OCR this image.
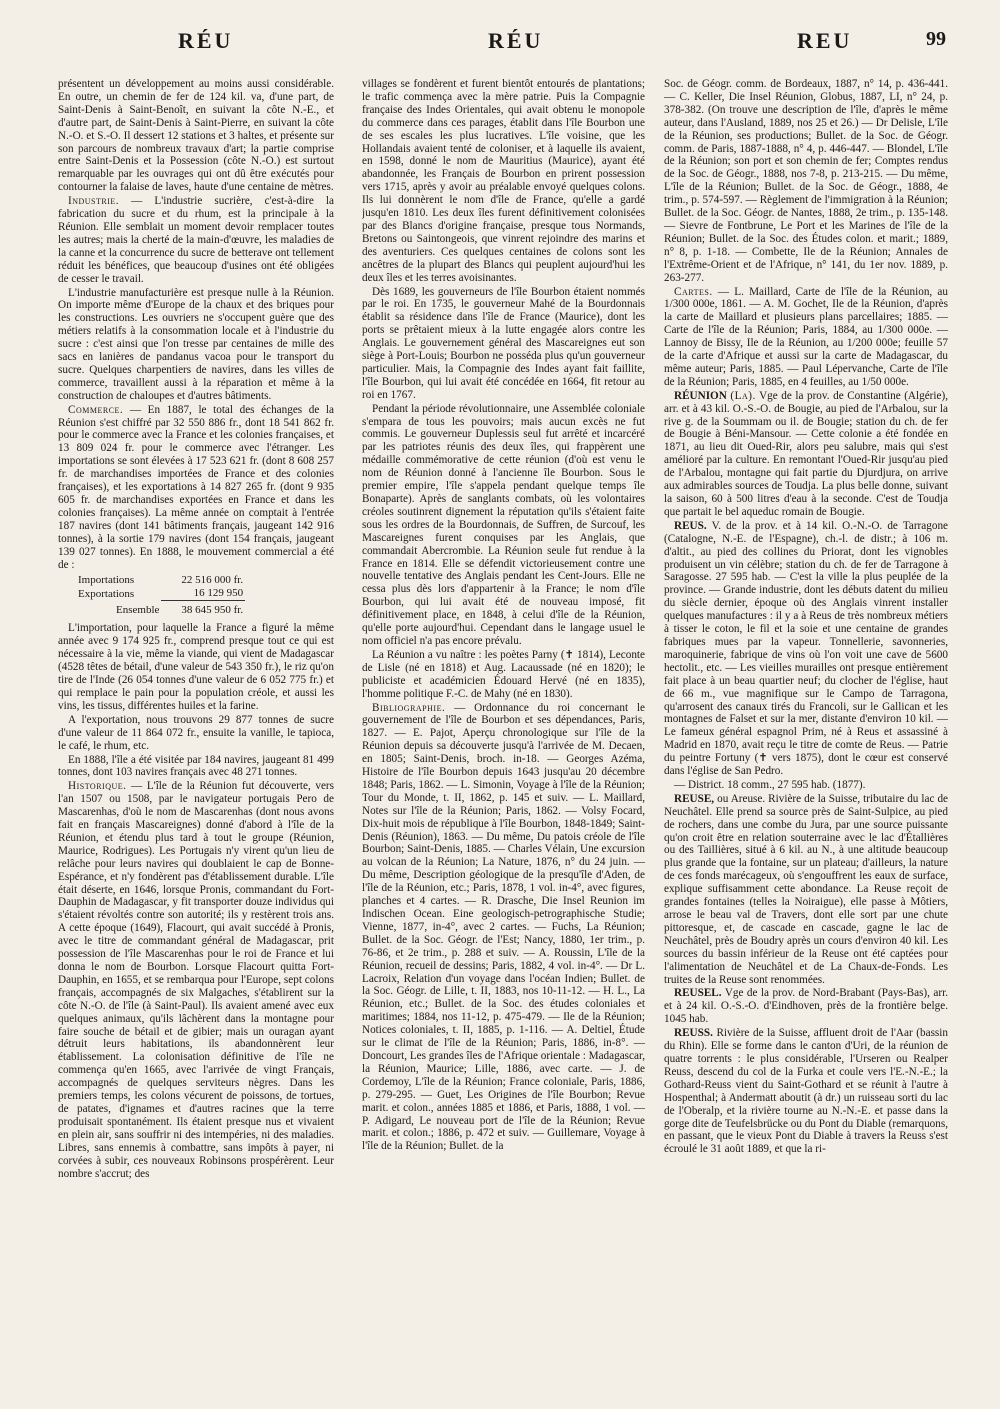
RÉU	RÉU	REU	99

présentent un développement au moins aussi considérable. En outre, un chemin de fer de 124 kil. va, d'une part, de Saint-Denis à Saint-Benoît, en suivant la côte N.-E., et d'autre part, de Saint-Denis à Saint-Pierre, en suivant la côte N.-O. et S.-O. Il dessert 12 stations et 3 haltes, et présente sur son parcours de nombreux travaux d'art; la partie comprise entre Saint-Denis et la Possession (côte N.-O.) est surtout remarquable par les ouvrages qui ont dû être exécutés pour contourner la falaise de laves, haute d'une centaine de mètres.

Industrie. — L'industrie sucrière, c'est-à-dire la fabrication du sucre et du rhum, est la principale à la Réunion. Elle semblait un moment devoir remplacer toutes les autres; mais la cherté de la main-d'œuvre, les maladies de la canne et la concurrence du sucre de betterave ont tellement réduit les bénéfices, que beaucoup d'usines ont été obligées de cesser le travail.

L'industrie manufacturière est presque nulle à la Réunion. On importe même d'Europe de la chaux et des briques pour les constructions. Les ouvriers ne s'occupent guère que des métiers relatifs à la consommation locale et à l'industrie du sucre : c'est ainsi que l'on tresse par centaines de mille des sacs en lanières de pandanus vacoa pour le transport du sucre. Quelques charpentiers de navires, dans les villes de commerce, travaillent aussi à la réparation et même à la construction de chaloupes et d'autres bâtiments.

Commerce. — En 1887, le total des échanges de la Réunion s'est chiffré par 32 550 886 fr., dont 18 541 862 fr. pour le commerce avec la France et les colonies françaises, et 13 809 024 fr. pour le commerce avec l'étranger. Les importations se sont élevées à 17 523 621 fr. (dont 8 608 257 fr. de marchandises importées de France et des colonies françaises), et les exportations à 14 827 265 fr. (dont 9 935 605 fr. de marchandises exportées en France et dans les colonies françaises). La même année on comptait à l'entrée 187 navires (dont 141 bâtiments français, jaugeant 142 916 tonnes), à la sortie 179 navires (dont 154 français, jaugeant 139 027 tonnes). En 1888, le mouvement commercial a été de :

Importations	22 516 000 fr.
Exportations	16 129 950
Ensemble	38 645 950 fr.

L'importation, pour laquelle la France a figuré la même année avec 9 174 925 fr., comprend presque tout ce qui est nécessaire à la vie, même la viande, qui vient de Madagascar (4528 têtes de bétail, d'une valeur de 543 350 fr.), le riz qu'on tire de l'Inde (26 054 tonnes d'une valeur de 6 052 775 fr.) et qui remplace le pain pour la population créole, et aussi les vins, les tissus, différentes huiles et la farine.

A l'exportation, nous trouvons 29 877 tonnes de sucre d'une valeur de 11 864 072 fr., ensuite la vanille, le tapioca, le café, le rhum, etc.

En 1888, l'île a été visitée par 184 navires, jaugeant 81 499 tonnes, dont 103 navires français avec 48 271 tonnes.

Historique. — L'île de la Réunion fut découverte, vers l'an 1507 ou 1508, par le navigateur portugais Pero de Mascarenhas, d'où le nom de Mascarenhas (dont nous avons fait en français Mascareignes) donné d'abord à l'île de la Réunion, et étendu plus tard à tout le groupe (Réunion, Maurice, Rodrigues). Les Portugais n'y virent qu'un lieu de relâche pour leurs navires qui doublaient le cap de Bonne-Espérance, et n'y fondèrent pas d'établissement durable. L'île était déserte, en 1646, lorsque Pronis, commandant du Fort-Dauphin de Madagascar, y fit transporter douze individus qui s'étaient révoltés contre son autorité; ils y restèrent trois ans. A cette époque (1649), Flacourt, qui avait succédé à Pronis, avec le titre de commandant général de Madagascar, prit possession de l'île Mascarenhas pour le roi de France et lui donna le nom de Bourbon. Lorsque Flacourt quitta Fort-Dauphin, en 1655, et se rembarqua pour l'Europe, sept colons français, accompagnés de six Malgaches, s'établirent sur la côte N.-O. de l'île (à Saint-Paul). Ils avaient amené avec eux quelques animaux, qu'ils lâchèrent dans la montagne pour faire souche de bétail et de gibier; mais un ouragan ayant détruit leurs habitations, ils abandonnèrent leur établissement. La colonisation définitive de l'île ne commença qu'en 1665, avec l'arrivée de vingt Français, accompagnés de quelques serviteurs nègres. Dans les premiers temps, les colons vécurent de poissons, de tortues, de patates, d'ignames et d'autres racines que la terre produisait spontanément. Ils étaient presque nus et vivaient en plein air, sans souffrir ni des intempéries, ni des maladies. Libres, sans ennemis à combattre, sans impôts à payer, ni corvées à subir, ces nouveaux Robinsons prospérèrent. Leur nombre s'accrut; des

villages se fondèrent et furent bientôt entourés de plantations; le trafic commença avec la mère patrie. Puis la Compagnie française des Indes Orientales, qui avait obtenu le monopole du commerce dans ces parages, établit dans l'île Bourbon une de ses escales les plus lucratives. L'île voisine, que les Hollandais avaient tenté de coloniser, et à laquelle ils avaient, en 1598, donné le nom de Mauritius (Maurice), ayant été abandonnée, les Français de Bourbon en prirent possession vers 1715, après y avoir au préalable envoyé quelques colons. Ils lui donnèrent le nom d'île de France, qu'elle a gardé jusqu'en 1810. Les deux îles furent définitivement colonisées par des Blancs d'origine française, presque tous Normands, Bretons ou Saintongeois, que vinrent rejoindre des marins et des aventuriers. Ces quelques centaines de colons sont les ancêtres de la plupart des Blancs qui peuplent aujourd'hui les deux îles et les terres avoisinantes.

Dès 1689, les gouverneurs de l'île Bourbon étaient nommés par le roi. En 1735, le gouverneur Mahé de la Bourdonnais établit sa résidence dans l'île de France (Maurice), dont les ports se prêtaient mieux à la lutte engagée alors contre les Anglais. Le gouvernement général des Mascareignes eut son siège à Port-Louis; Bourbon ne posséda plus qu'un gouverneur particulier. Mais, la Compagnie des Indes ayant fait faillite, l'île Bourbon, qui lui avait été concédée en 1664, fit retour au roi en 1767.

Pendant la période révolutionnaire, une Assemblée coloniale s'empara de tous les pouvoirs; mais aucun excès ne fut commis. Le gouverneur Duplessis seul fut arrêté et incarcéré par les patriotes réunis des deux îles, qui frappèrent une médaille commémorative de cette réunion (d'où est venu le nom de Réunion donné à l'ancienne île Bourbon. Sous le premier empire, l'île s'appela pendant quelque temps île Bonaparte). Après de sanglants combats, où les volontaires créoles soutinrent dignement la réputation qu'ils s'étaient faite sous les ordres de la Bourdonnais, de Suffren, de Surcouf, les Mascareignes furent conquises par les Anglais, que commandait Abercrombie. La Réunion seule fut rendue à la France en 1814. Elle se défendit victorieusement contre une nouvelle tentative des Anglais pendant les Cent-Jours. Elle ne cessa plus dès lors d'appartenir à la France; le nom d'île Bourbon, qui lui avait été de nouveau imposé, fit définitivement place, en 1848, à celui d'île de la Réunion, qu'elle porte aujourd'hui. Cependant dans le langage usuel le nom officiel n'a pas encore prévalu.

La Réunion a vu naître : les poètes Parny (✝ 1814), Leconte de Lisle (né en 1818) et Aug. Lacaussade (né en 1820); le publiciste et académicien Édouard Hervé (né en 1835), l'homme politique F.-C. de Mahy (né en 1830).

Bibliographie. — Ordonnance du roi concernant le gouvernement de l'île de Bourbon et ses dépendances, Paris, 1827. — E. Pajot, Aperçu chronologique sur l'île de la Réunion depuis sa découverte jusqu'à l'arrivée de M. Decaen, en 1805; Saint-Denis, broch. in-18. — Georges Azéma, Histoire de l'île Bourbon depuis 1643 jusqu'au 20 décembre 1848; Paris, 1862. — L. Simonin, Voyage à l'île de la Réunion; Tour du Monde, t. II, 1862, p. 145 et suiv. — L. Maillard, Notes sur l'île de la Réunion; Paris, 1862. — Volsy Focard, Dix-huit mois de république à l'île Bourbon, 1848-1849; Saint-Denis (Réunion), 1863. — Du même, Du patois créole de l'île Bourbon; Saint-Denis, 1885. — Charles Vélain, Une excursion au volcan de la Réunion; La Nature, 1876, n° du 24 juin. — Du même, Description géologique de la presqu'île d'Aden, de l'île de la Réunion, etc.; Paris, 1878, 1 vol. in-4°, avec figures, planches et 4 cartes. — R. Drasche, Die Insel Reunion im Indischen Ocean. Eine geologisch-petrographische Studie; Vienne, 1877, in-4°, avec 2 cartes. — Fuchs, La Réunion; Bullet. de la Soc. Géogr. de l'Est; Nancy, 1880, 1er trim., p. 76-86, et 2e trim., p. 288 et suiv. — A. Roussin, L'île de la Réunion, recueil de dessins; Paris, 1882, 4 vol. in-4°. — Dr L. Lacroix, Relation d'un voyage dans l'océan Indien; Bullet. de la Soc. Géogr. de Lille, t. II, 1883, nos 10-11-12. — H. L., La Réunion, etc.; Bullet. de la Soc. des études coloniales et maritimes; 1884, nos 11-12, p. 475-479. — Ile de la Réunion; Notices coloniales, t. II, 1885, p. 1-116. — A. Deltiel, Étude sur le climat de l'île de la Réunion; Paris, 1886, in-8°. — Doncourt, Les grandes îles de l'Afrique orientale : Madagascar, la Réunion, Maurice; Lille, 1886, avec carte. — J. de Cordemoy, L'île de la Réunion; France coloniale, Paris, 1886, p. 279-295. — Guet, Les Origines de l'île Bourbon; Revue marit. et colon., années 1885 et 1886, et Paris, 1888, 1 vol. — P. Adigard, Le nouveau port de l'île de la Réunion; Revue marit. et colon.; 1886, p. 472 et suiv. — Guillemare, Voyage à l'île de la Réunion; Bullet. de la

Soc. de Géogr. comm. de Bordeaux, 1887, n° 14, p. 436-441. — C. Keller, Die Insel Réunion, Globus, 1887, LI, n° 24, p. 378-382. (On trouve une description de l'île, d'après le même auteur, dans l'Ausland, 1889, nos 25 et 26.) — Dr Delisle, L'île de la Réunion, ses productions; Bullet. de la Soc. de Géogr. comm. de Paris, 1887-1888, n° 4, p. 446-447. — Blondel, L'île de la Réunion; son port et son chemin de fer; Comptes rendus de la Soc. de Géogr., 1888, nos 7-8, p. 213-215. — Du même, L'île de la Réunion; Bullet. de la Soc. de Géogr., 1888, 4e trim., p. 574-597. — Règlement de l'immigration à la Réunion; Bullet. de la Soc. Géogr. de Nantes, 1888, 2e trim., p. 135-148. — Sievre de Fontbrune, Le Port et les Marines de l'île de la Réunion; Bullet. de la Soc. des Études colon. et marit.; 1889, n° 8, p. 1-18. — Combette, Ile de la Réunion; Annales de l'Extrême-Orient et de l'Afrique, n° 141, du 1er nov. 1889, p. 263-277.

Cartes. — L. Maillard, Carte de l'île de la Réunion, au 1/300 000e, 1861. — A. M. Gochet, Ile de la Réunion, d'après la carte de Maillard et plusieurs plans parcellaires; 1885. — Carte de l'île de la Réunion; Paris, 1884, au 1/300 000e. — Lannoy de Bissy, Ile de la Réunion, au 1/200 000e; feuille 57 de la carte d'Afrique et aussi sur la carte de Madagascar, du même auteur; Paris, 1885. — Paul Lépervanche, Carte de l'île de la Réunion; Paris, 1885, en 4 feuilles, au 1/50 000e.

RÉUNION (La). Vge de la prov. de Constantine (Algérie), arr. et à 43 kil. O.-S.-O. de Bougie, au pied de l'Arbalou, sur la rive g. de la Soummam ou il. de Bougie; station du ch. de fer de Bougie à Béni-Mansour. — Cette colonie a été fondée en 1871, au lieu dit Oued-Rir, alors peu salubre, mais qui s'est amélioré par la culture. En remontant l'Oued-Rir jusqu'au pied de l'Arbalou, montagne qui fait partie du Djurdjura, on arrive aux admirables sources de Toudja. La plus belle donne, suivant la saison, 60 à 500 litres d'eau à la seconde. C'est de Toudja que partait le bel aqueduc romain de Bougie.

REUS. V. de la prov. et à 14 kil. O.-N.-O. de Tarragone (Catalogne, N.-E. de l'Espagne), ch.-l. de distr.; à 106 m. d'altit., au pied des collines du Priorat, dont les vignobles produisent un vin célèbre; station du ch. de fer de Tarragone à Saragosse. 27 595 hab. — C'est la ville la plus peuplée de la province. — Grande industrie, dont les débuts datent du milieu du siècle dernier, époque où des Anglais vinrent installer quelques manufactures : il y a à Reus de très nombreux métiers à tisser le coton, le fil et la soie et une centaine de grandes fabriques mues par la vapeur. Tonnellerie, savonneries, maroquinerie, fabrique de vins où l'on voit une cave de 5600 hectolit., etc. — Les vieilles murailles ont presque entièrement fait place à un beau quartier neuf; du clocher de l'église, haut de 66 m., vue magnifique sur le Campo de Tarragona, qu'arrosent des canaux tirés du Francoli, sur le Gallican et les montagnes de Falset et sur la mer, distante d'environ 10 kil. — Le fameux général espagnol Prim, né à Reus et assassiné à Madrid en 1870, avait reçu le titre de comte de Reus. — Patrie du peintre Fortuny (✝ vers 1875), dont le cœur est conservé dans l'église de San Pedro.

— District. 18 comm., 27 595 hab. (1877).

REUSE, ou Areuse. Rivière de la Suisse, tributaire du lac de Neuchâtel. Elle prend sa source près de Saint-Sulpice, au pied de rochers, dans une combe du Jura, par une source puissante qu'on croit être en relation souterraine avec le lac d'Étallières ou des Taillières, situé à 6 kil. au N., à une altitude beaucoup plus grande que la fontaine, sur un plateau; d'ailleurs, la nature de ces fonds marécageux, où s'engouffrent les eaux de surface, explique suffisamment cette abondance. La Reuse reçoit de grandes fontaines (telles la Noiraigue), elle passe à Môtiers, arrose le beau val de Travers, dont elle sort par une chute pittoresque, et, de cascade en cascade, gagne le lac de Neuchâtel, près de Boudry après un cours d'environ 40 kil. Les sources du bassin inférieur de la Reuse ont été captées pour l'alimentation de Neuchâtel et de La Chaux-de-Fonds. Les truites de la Reuse sont renommées.

REUSEL. Vge de la prov. de Nord-Brabant (Pays-Bas), arr. et à 24 kil. O.-S.-O. d'Eindhoven, près de la frontière belge. 1045 hab.

REUSS. Rivière de la Suisse, affluent droit de l'Aar (bassin du Rhin). Elle se forme dans le canton d'Uri, de la réunion de quatre torrents : le plus considérable, l'Urseren ou Realper Reuss, descend du col de la Furka et coule vers l'E.-N.-E.; la Gothard-Reuss vient du Saint-Gothard et se réunit à l'autre à Hospenthal; à Andermatt aboutit (à dr.) un ruisseau sorti du lac de l'Oberalp, et la rivière tourne au N.-N.-E. et passe dans la gorge dite de Teufelsbrücke ou du Pont du Diable (remarquons, en passant, que le vieux Pont du Diable à travers la Reuss s'est écroulé le 31 août 1889, et que la ri-
